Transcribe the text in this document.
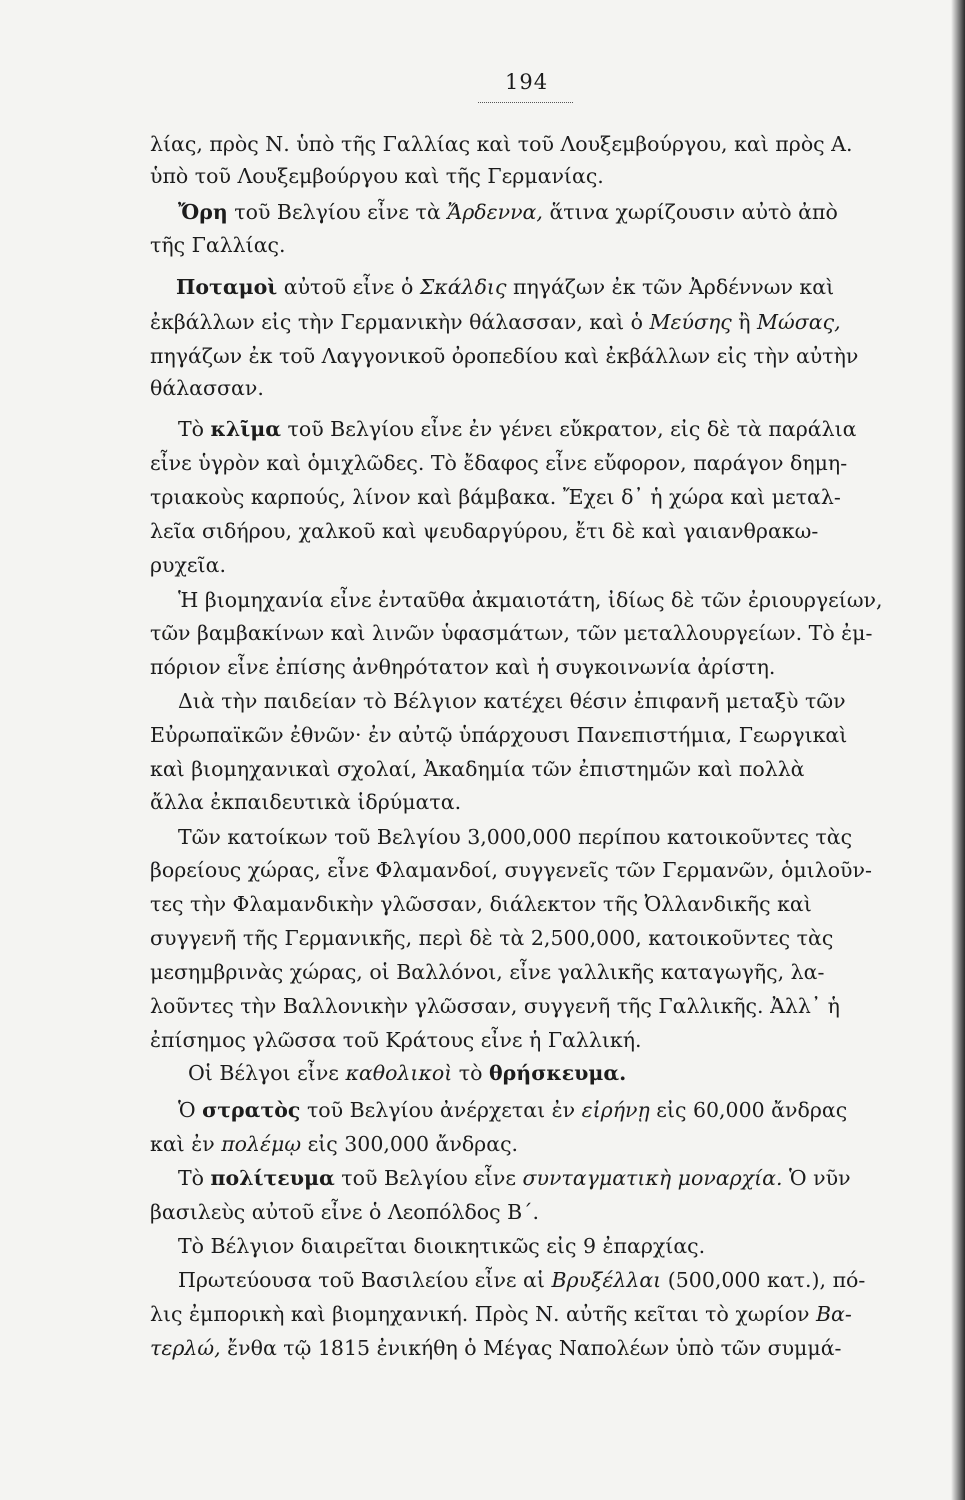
194
λίας, πρὸς Ν. ὑπὸ τῆς Γαλλίας καὶ τοῦ Λουξεμβούργου, καὶ πρὸς Α.
ὑπὸ τοῦ Λουξεμβούργου καὶ τῆς Γερμανίας.
Ὄρη τοῦ Βελγίου εἶνε τὰ Ἄρδεννα, ἅτινα χωρίζουσιν αὐτὸ ἀπὸ
τῆς Γαλλίας.
Ποταμοὶ αὐτοῦ εἶνε ὁ Σκάλδις πηγάζων ἐκ τῶν Ἀρδέννων καὶ
ἐκβάλλων εἰς τὴν Γερμανικὴν θάλασσαν, καὶ ὁ Μεύσης ἢ Μώσας,
πηγάζων ἐκ τοῦ Λαγγονικοῦ ὀροπεδίου καὶ ἐκβάλλων εἰς τὴν αὐτὴν
θάλασσαν.
Τὸ κλῖμα τοῦ Βελγίου εἶνε ἐν γένει εὔκρατον, εἰς δὲ τὰ παράλια
εἶνε ὑγρὸν καὶ ὁμιχλῶδες. Τὸ ἔδαφος εἶνε εὔφορον, παράγον δημη-
τριακοὺς καρπούς, λίνον καὶ βάμβακα. Ἔχει δ᾽ ἡ χώρα καὶ μεταλ-
λεῖα σιδήρου, χαλκοῦ καὶ ψευδαργύρου, ἔτι δὲ καὶ γαιανθρακω-
ρυχεῖα.
Ἡ βιομηχανία εἶνε ἐνταῦθα ἀκμαιοτάτη, ἰδίως δὲ τῶν ἐριουργείων,
τῶν βαμβακίνων καὶ λινῶν ὑφασμάτων, τῶν μεταλλουργείων. Τὸ ἐμ-
πόριον εἶνε ἐπίσης ἀνθηρότατον καὶ ἡ συγκοινωνία ἀρίστη.
Διὰ τὴν παιδείαν τὸ Βέλγιον κατέχει θέσιν ἐπιφανῆ μεταξὺ τῶν
Εὐρωπαϊκῶν ἐθνῶν· ἐν αὐτῷ ὑπάρχουσι Πανεπιστήμια, Γεωργικαὶ
καὶ βιομηχανικαὶ σχολαί, Ἀκαδημία τῶν ἐπιστημῶν καὶ πολλὰ
ἄλλα ἐκπαιδευτικὰ ἱδρύματα.
Τῶν κατοίκων τοῦ Βελγίου 3,000,000 περίπου κατοικοῦντες τὰς
βορείους χώρας, εἶνε Φλαμανδοί, συγγενεῖς τῶν Γερμανῶν, ὁμιλοῦν-
τες τὴν Φλαμανδικὴν γλῶσσαν, διάλεκτον τῆς Ὀλλανδικῆς καὶ
συγγενῆ τῆς Γερμανικῆς, περὶ δὲ τὰ 2,500,000, κατοικοῦντες τὰς
μεσημβρινὰς χώρας, οἱ Βαλλόνοι, εἶνε γαλλικῆς καταγωγῆς, λα-
λοῦντες τὴν Βαλλονικὴν γλῶσσαν, συγγενῆ τῆς Γαλλικῆς. Ἀλλ᾽ ἡ
ἐπίσημος γλῶσσα τοῦ Κράτους εἶνε ἡ Γαλλική.
Οἱ Βέλγοι εἶνε καθολικοὶ τὸ θρήσκευμα.
Ὁ στρατὸς τοῦ Βελγίου ἀνέρχεται ἐν εἰρήνῃ εἰς 60,000 ἄνδρας
καὶ ἐν πολέμῳ εἰς 300,000 ἄνδρας.
Τὸ πολίτευμα τοῦ Βελγίου εἶνε συνταγματικὴ μοναρχία. Ὁ νῦν
βασιλεὺς αὐτοῦ εἶνε ὁ Λεοπόλδος Β΄.
Τὸ Βέλγιον διαιρεῖται διοικητικῶς εἰς 9 ἐπαρχίας.
Πρωτεύουσα τοῦ Βασιλείου εἶνε αἱ Βρυξέλλαι (500,000 κατ.), πό-
λις ἐμπορικὴ καὶ βιομηχανική. Πρὸς Ν. αὐτῆς κεῖται τὸ χωρίον Βα-
τερλώ, ἔνθα τῷ 1815 ἐνικήθη ὁ Μέγας Ναπολέων ὑπὸ τῶν συμμά-
